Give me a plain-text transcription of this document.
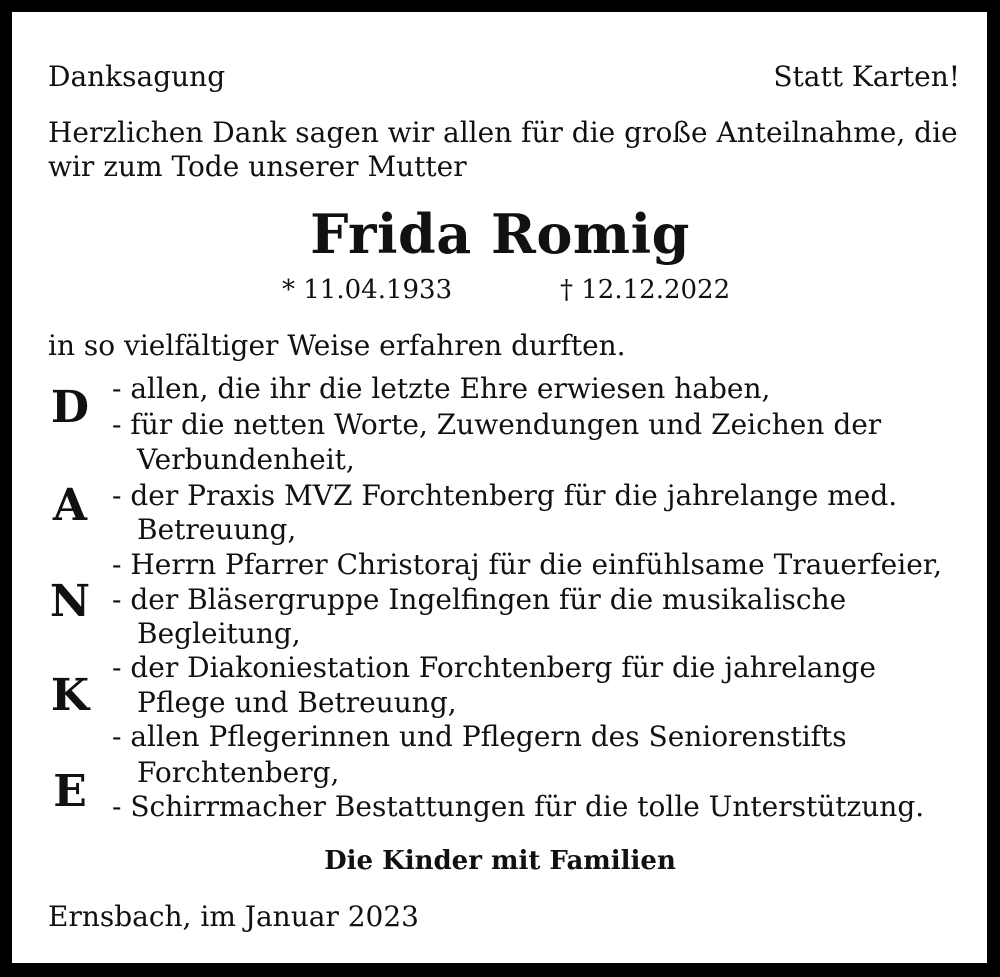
Danksagung	Statt Karten!
Herzlichen Dank sagen wir allen für die große Anteilnahme, die
wir zum Tode unserer Mutter
Frida Romig
* 11.04.1933	† 12.12.2022
in so vielfältiger Weise erfahren durften.
D
A
N
K
E
- allen, die ihr die letzte Ehre erwiesen haben,
- für die netten Worte, Zuwendungen und Zeichen der
Verbundenheit,
- der Praxis MVZ Forchtenberg für die jahrelange med.
Betreuung,
- Herrn Pfarrer Christoraj für die einfühlsame Trauerfeier,
- der Bläsergruppe Ingelfingen für die musikalische
Begleitung,
- der Diakoniestation Forchtenberg für die jahrelange
Pflege und Betreuung,
- allen Pflegerinnen und Pflegern des Seniorenstifts
Forchtenberg,
- Schirrmacher Bestattungen für die tolle Unterstützung.
Die Kinder mit Familien
Ernsbach, im Januar 2023
